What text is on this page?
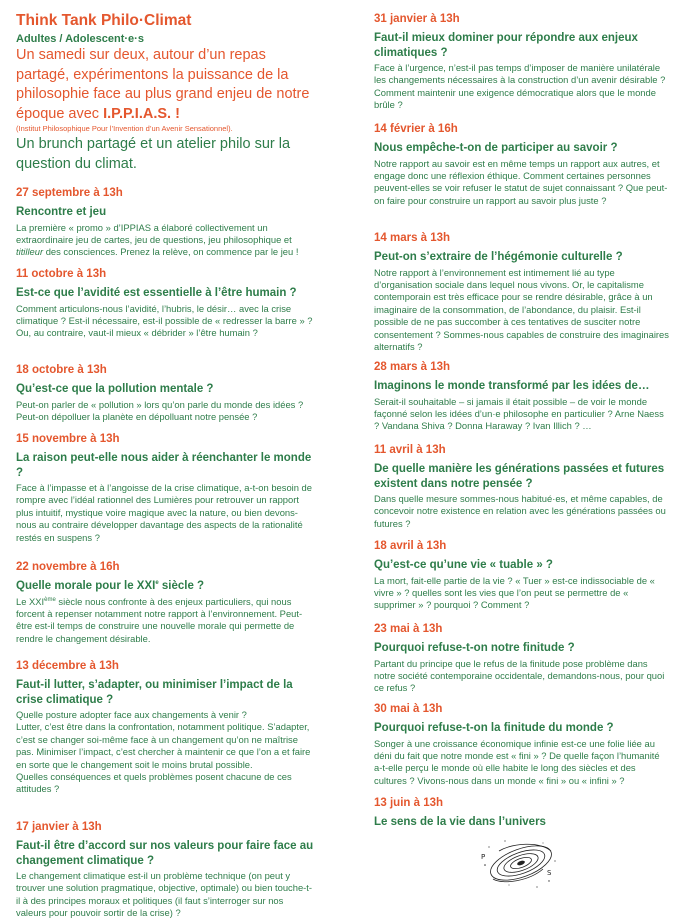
Think Tank Philo·Climat
Adultes / Adolescent·e·s
Un samedi sur deux, autour d’un repas partagé, expérimentons la puissance de la philosophie face au plus grand enjeu de notre époque avec I.P.P.I.A.S. !
(Institut Philosophique Pour l’Invention d’un Avenir Sensationnel).
Un brunch partagé et un atelier philo sur la question du climat.
27 septembre à 13h
Rencontre et jeu
La première « promo » d’IPPIAS a élaboré collectivement un extraordinaire jeu de cartes, jeu de questions, jeu philosophique et titilleur des consciences. Prenez la relève, on commence par le jeu !
11 octobre à 13h
Est-ce que l’avidité est essentielle à l’être humain ?
Comment articulons-nous l’avidité, l’hubris, le désir… avec la crise climatique ? Est-il nécessaire, est-il possible de « redresser la barre » ? Ou, au contraire, vaut-il mieux « débrider » l’être humain ?
18 octobre à 13h
Qu’est-ce que la pollution mentale ?
Peut-on parler de « pollution » lors qu’on parle du monde des idées ? Peut-on dépolluer la planète en dépolluant notre pensée ?
15 novembre à 13h
La raison peut-elle nous aider à réenchanter le monde ?
Face à l’impasse et à l’angoisse de la crise climatique, a-t-on besoin de rompre avec l’idéal rationnel des Lumières pour retrouver un rapport plus intuitif, mystique voire magique avec la nature, ou bien devons-nous au contraire développer davantage des aspects de la rationalité restés en suspens ?
22 novembre à 16h
Quelle morale pour le XXIe siècle ?
Le XXIème siècle nous confronte à des enjeux particuliers, qui nous forcent à repenser notamment notre rapport à l’environnement. Peut-être est-il temps de construire une nouvelle morale qui permette de rendre le changement désirable.
13 décembre à 13h
Faut-il lutter, s’adapter, ou minimiser l’impact de la crise climatique ?
Quelle posture adopter face aux changements à venir ?
Lutter, c’est être dans la confrontation, notamment politique. S’adapter, c’est se changer soi-même face à un changement qu’on ne maîtrise pas. Minimiser l’impact, c’est chercher à maintenir ce que l’on a et faire en sorte que le changement soit le moins brutal possible.
Quelles conséquences et quels problèmes posent chacune de ces attitudes ?
17 janvier à 13h
Faut-il être d’accord sur nos valeurs pour faire face au changement climatique ?
Le changement climatique est-il un problème technique (on peut y trouver une solution pragmatique, objective, optimale) ou bien touche-t-il à des principes moraux et politiques (il faut s’interroger sur nos valeurs pour pouvoir sortir de la crise) ?
31 janvier à 13h
Faut-il mieux dominer pour répondre aux enjeux climatiques ?
Face à l’urgence, n’est-il pas temps d’imposer de manière unilatérale les changements nécessaires à la construction d’un avenir désirable ? Comment maintenir une exigence démocratique alors que le monde brûle ?
14 février à 16h
Nous empêche-t-on de participer au savoir ?
Notre rapport au savoir est en même temps un rapport aux autres, et engage donc une réflexion éthique. Comment certaines personnes peuvent-elles se voir refuser le statut de sujet connaissant ? Que peut-on faire pour construire un rapport au savoir plus juste ?
14 mars à 13h
Peut-on s’extraire de l’hégémonie culturelle ?
Notre rapport à l’environnement est intimement lié au type d’organisation sociale dans lequel nous vivons. Or, le capitalisme contemporain est très efficace pour se rendre désirable, grâce à un imaginaire de la consommation, de l’abondance, du plaisir. Est-il possible de ne pas succomber à ces tentatives de susciter notre consentement ? Sommes-nous capables de construire des imaginaires alternatifs ?
28 mars à 13h
Imaginons le monde transformé par les idées de…
Serait-il souhaitable – si jamais il était possible – de voir le monde façonné selon les idées d’un·e philosophe en particulier ? Arne Naess ? Vandana Shiva ? Donna Haraway ? Ivan Illich ? …
11 avril à 13h
De quelle manière les générations passées et futures existent dans notre pensée ?
Dans quelle mesure sommes-nous habitué·es, et même capables, de concevoir notre existence en relation avec les générations passées ou futures ?
18 avril à 13h
Qu’est-ce qu’une vie « tuable » ?
La mort, fait-elle partie de la vie ? « Tuer » est-ce indissociable de « vivre » ? quelles sont les vies que l’on peut se permettre de « supprimer » ? pourquoi ? Comment ?
23 mai à 13h
Pourquoi refuse-t-on notre finitude ?
Partant du principe que le refus de la finitude pose problème dans notre société contemporaine occidentale, demandons-nous, pour quoi ce refus ?
30 mai à 13h
Pourquoi refuse-t-on la finitude du monde ?
Songer à une croissance économique infinie est-ce une folie liée au déni du fait que notre monde est « fini » ? De quelle façon l’humanité a-t-elle perçu le monde où elle habite le long des siècles et des cultures ? Vivons-nous dans un monde « fini » ou « infini » ?
13 juin à 13h
Le sens de la vie dans l’univers
P
S
